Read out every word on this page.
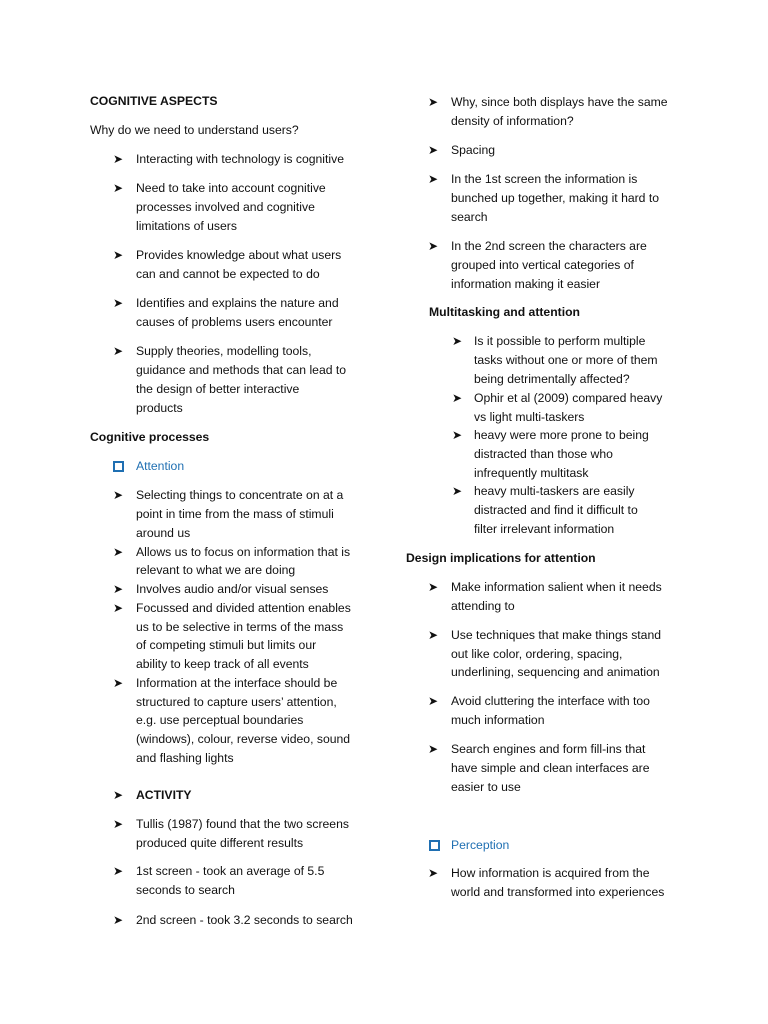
COGNITIVE ASPECTS
Why do we need to understand users?
➤ Interacting with technology is cognitive
➤ Need to take into account cognitive
processes involved and cognitive
limitations of users
➤ Provides knowledge about what users
can and cannot be expected to do
➤ Identifies and explains the nature and
causes of problems users encounter
➤ Supply theories, modelling tools,
guidance and methods that can lead to
the design of better interactive
products
Cognitive processes
Attention
➤ Selecting things to concentrate on at a
point in time from the mass of stimuli
around us
➤ Allows us to focus on information that is
relevant to what we are doing
➤ Involves audio and/or visual senses
➤ Focussed and divided attention enables
us to be selective in terms of the mass
of competing stimuli but limits our
ability to keep track of all events
➤ Information at the interface should be
structured to capture users’ attention,
e.g. use perceptual boundaries
(windows), colour, reverse video, sound
and flashing lights
➤ ACTIVITY
➤ Tullis (1987) found that the two screens
produced quite different results
➤ 1st screen - took an average of 5.5
seconds to search
➤ 2nd screen - took 3.2 seconds to search
➤ Why, since both displays have the same
density of information?
➤ Spacing
➤ In the 1st screen the information is
bunched up together, making it hard to
search
➤ In the 2nd screen the characters are
grouped into vertical categories of
information making it easier
Multitasking and attention
➤ Is it possible to perform multiple
tasks without one or more of them
being detrimentally affected?
➤ Ophir et al (2009) compared heavy
vs light multi-taskers
➤ heavy were more prone to being
distracted than those who
infrequently multitask
➤ heavy multi-taskers are easily
distracted and find it difficult to
filter irrelevant information
Design implications for attention
➤ Make information salient when it needs
attending to
➤ Use techniques that make things stand
out like color, ordering, spacing,
underlining, sequencing and animation
➤ Avoid cluttering the interface with too
much information
➤ Search engines and form fill-ins that
have simple and clean interfaces are
easier to use
Perception
➤ How information is acquired from the
world and transformed into experiences
